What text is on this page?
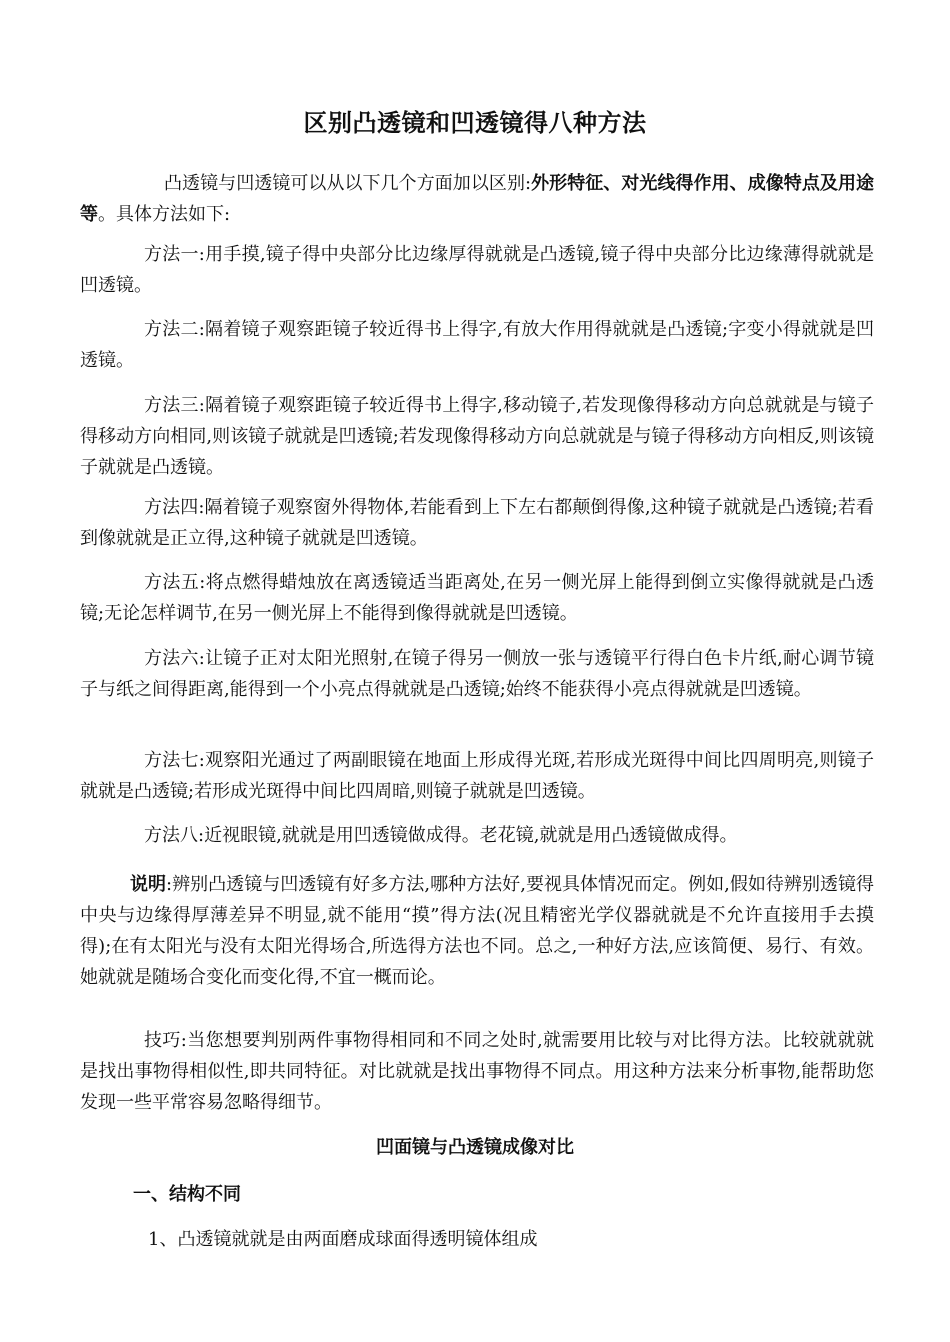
区别凸透镜和凹透镜得八种方法

凸透镜与凹透镜可以从以下几个方面加以区别:外形特征、对光线得作用、成像特点及用途等。具体方法如下:

方法一:用手摸,镜子得中央部分比边缘厚得就就是凸透镜,镜子得中央部分比边缘薄得就就是凹透镜。

方法二:隔着镜子观察距镜子较近得书上得字,有放大作用得就就是凸透镜;字变小得就就是凹透镜。

方法三:隔着镜子观察距镜子较近得书上得字,移动镜子,若发现像得移动方向总就就是与镜子得移动方向相同,则该镜子就就是凹透镜;若发现像得移动方向总就就是与镜子得移动方向相反,则该镜子就就是凸透镜。

方法四:隔着镜子观察窗外得物体,若能看到上下左右都颠倒得像,这种镜子就就是凸透镜;若看到像就就是正立得,这种镜子就就是凹透镜。

方法五:将点燃得蜡烛放在离透镜适当距离处,在另一侧光屏上能得到倒立实像得就就是凸透镜;无论怎样调节,在另一侧光屏上不能得到像得就就是凹透镜。

方法六:让镜子正对太阳光照射,在镜子得另一侧放一张与透镜平行得白色卡片纸,耐心调节镜子与纸之间得距离,能得到一个小亮点得就就是凸透镜;始终不能获得小亮点得就就是凹透镜。

方法七:观察阳光通过了两副眼镜在地面上形成得光斑,若形成光斑得中间比四周明亮,则镜子就就是凸透镜;若形成光斑得中间比四周暗,则镜子就就是凹透镜。

方法八:近视眼镜,就就是用凹透镜做成得。老花镜,就就是用凸透镜做成得。

说明:辨别凸透镜与凹透镜有好多方法,哪种方法好,要视具体情况而定。例如,假如待辨别透镜得中央与边缘得厚薄差异不明显,就不能用“摸”得方法(况且精密光学仪器就就是不允许直接用手去摸得);在有太阳光与没有太阳光得场合,所选得方法也不同。总之,一种好方法,应该简便、易行、有效。她就就是随场合变化而变化得,不宜一概而论。

技巧:当您想要判别两件事物得相同和不同之处时,就需要用比较与对比得方法。比较就就就是找出事物得相似性,即共同特征。对比就就是找出事物得不同点。用这种方法来分析事物,能帮助您发现一些平常容易忽略得细节。

凹面镜与凸透镜成像对比
一、结构不同
1、凸透镜就就是由两面磨成球面得透明镜体组成
